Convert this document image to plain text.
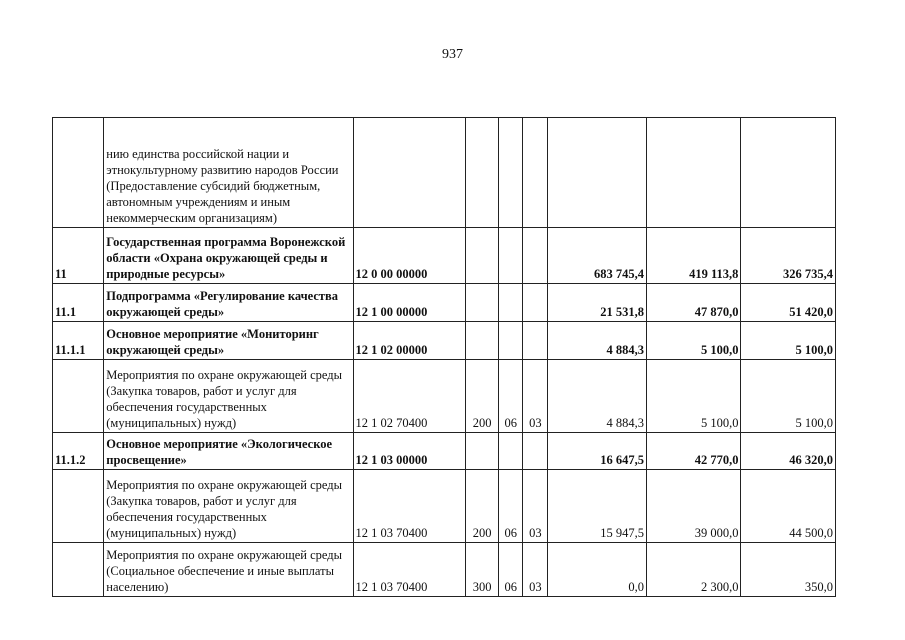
937
	нию единства российской нации и этнокультурному развитию народов России (Предоставление субсидий бюджетным, автономным учреждениям и иным некоммерческим организациям)							
11	Государственная программа Воронежской области «Охрана окружающей среды и природные ресурсы»	12 0 00 00000				683 745,4	419 113,8	326 735,4
11.1	Подпрограмма «Регулирование качества окружающей среды»	12 1 00 00000				21 531,8	47 870,0	51 420,0
11.1.1	Основное мероприятие «Мониторинг окружающей среды»	12 1 02 00000				4 884,3	5 100,0	5 100,0
	Мероприятия по охране окружающей среды (Закупка товаров, работ и услуг для обеспечения государственных (муниципальных) нужд)	12 1 02 70400	200	06	03	4 884,3	5 100,0	5 100,0
11.1.2	Основное мероприятие «Экологическое просвещение»	12 1 03 00000				16 647,5	42 770,0	46 320,0
	Мероприятия по охране окружающей среды (Закупка товаров, работ и услуг для обеспечения государственных (муниципальных) нужд)	12 1 03 70400	200	06	03	15 947,5	39 000,0	44 500,0
	Мероприятия по охране окружающей среды (Социальное обеспечение и иные выплаты населению)	12 1 03 70400	300	06	03	0,0	2 300,0	350,0
